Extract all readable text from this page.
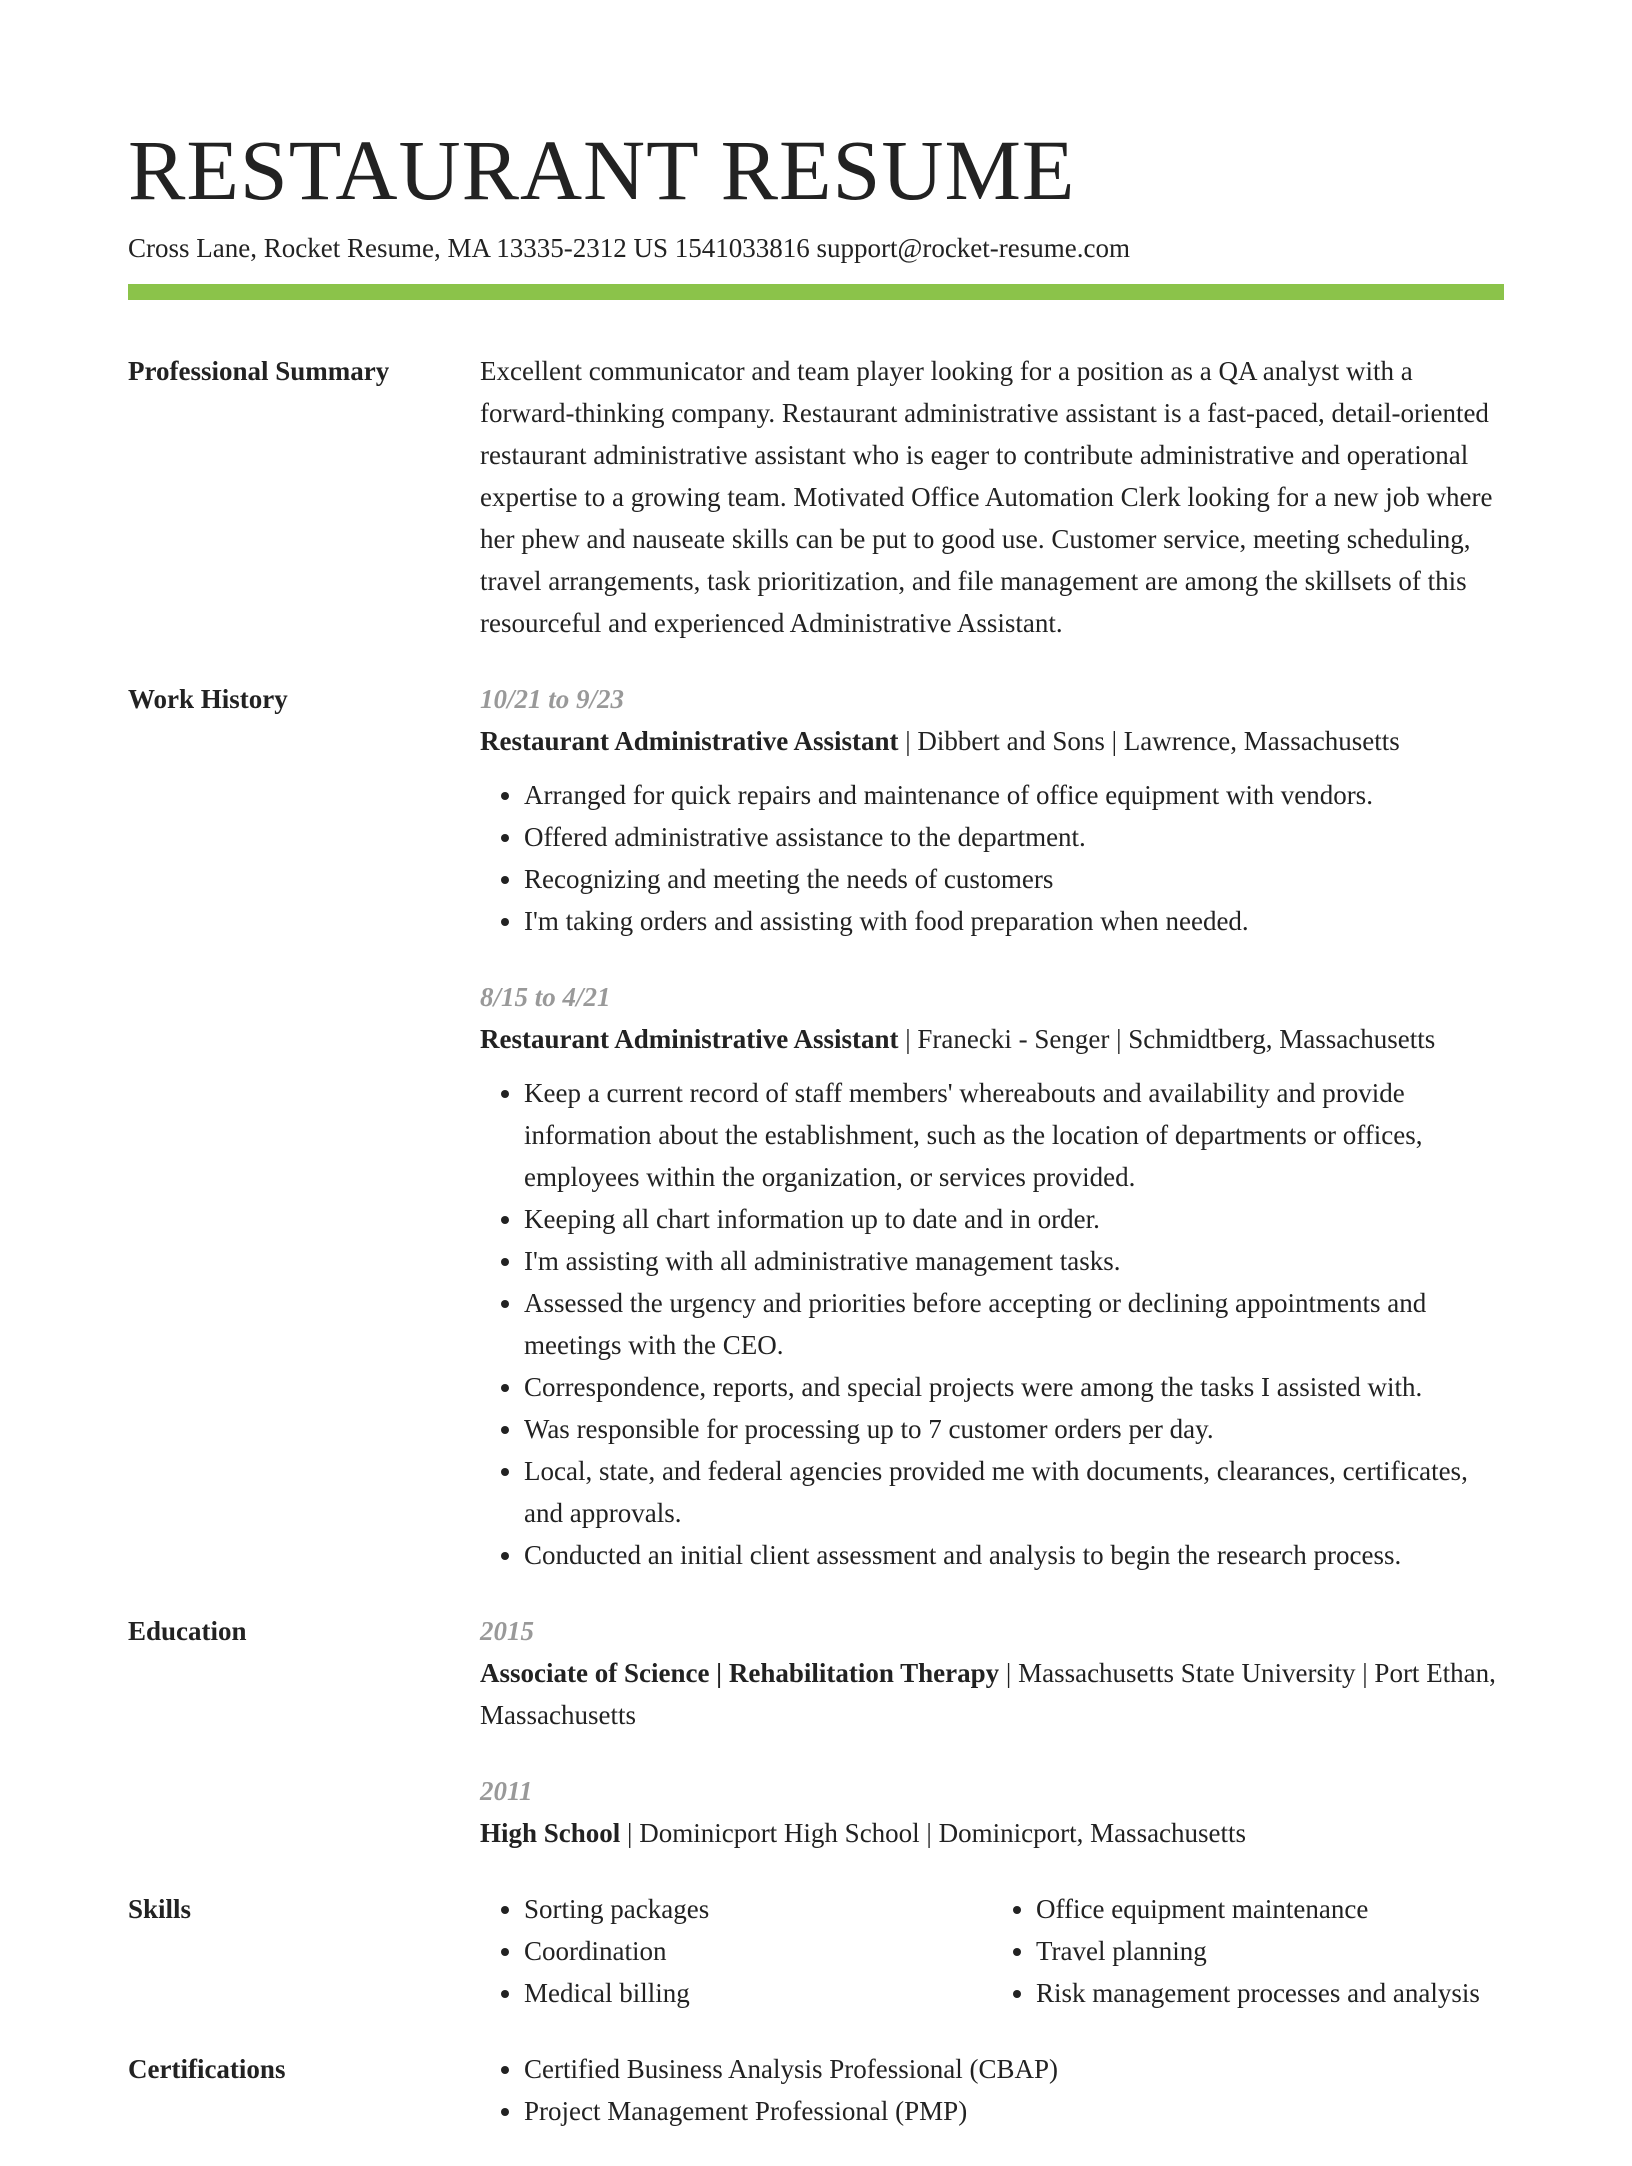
RESTAURANT RESUME
Cross Lane, Rocket Resume, MA 13335-2312 US 1541033816 support@rocket-resume.com
Professional Summary	Excellent communicator and team player looking for a position as a QA analyst with a forward-thinking company. Restaurant administrative assistant is a fast-paced, detail-oriented restaurant administrative assistant who is eager to contribute administrative and operational expertise to a growing team. Motivated Office Automation Clerk looking for a new job where her phew and nauseate skills can be put to good use. Customer service, meeting scheduling, travel arrangements, task prioritization, and file management are among the skillsets of this resourceful and experienced Administrative Assistant.

Work History	10/21 to 9/23
Restaurant Administrative Assistant | Dibbert and Sons | Lawrence, Massachusetts
• Arranged for quick repairs and maintenance of office equipment with vendors.
• Offered administrative assistance to the department.
• Recognizing and meeting the needs of customers
• I'm taking orders and assisting with food preparation when needed.
8/15 to 4/21
Restaurant Administrative Assistant | Franecki - Senger | Schmidtberg, Massachusetts
• Keep a current record of staff members' whereabouts and availability and provide information about the establishment, such as the location of departments or offices, employees within the organization, or services provided.
• Keeping all chart information up to date and in order.
• I'm assisting with all administrative management tasks.
• Assessed the urgency and priorities before accepting or declining appointments and meetings with the CEO.
• Correspondence, reports, and special projects were among the tasks I assisted with.
• Was responsible for processing up to 7 customer orders per day.
• Local, state, and federal agencies provided me with documents, clearances, certificates, and approvals.
• Conducted an initial client assessment and analysis to begin the research process.
Education	2015
Associate of Science | Rehabilitation Therapy | Massachusetts State University | Port Ethan, Massachusetts
2011
High School | Dominicport High School | Dominicport, Massachusetts
Skills	• Sorting packages
• Coordination
• Medical billing
• Office equipment maintenance
• Travel planning
• Risk management processes and analysis
Certifications	• Certified Business Analysis Professional (CBAP)
• Project Management Professional (PMP)
